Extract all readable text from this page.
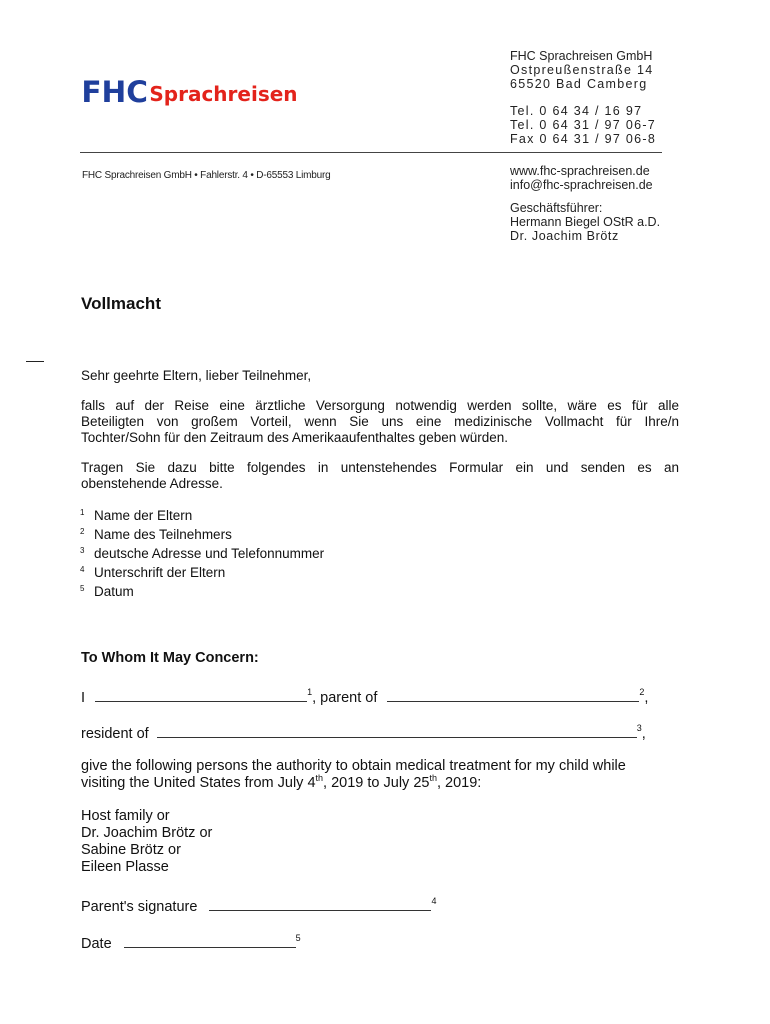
FHC Sprachreisen
FHC Sprachreisen GmbH
Ostpreußenstraße 14
65520 Bad Camberg
Tel. 0 64 34 / 16 97
Tel. 0 64 31 / 97 06-7
Fax 0 64 31 / 97 06-8
FHC Sprachreisen GmbH • Fahlerstr. 4 • D-65553 Limburg	www.fhc-sprachreisen.de
info@fhc-sprachreisen.de
Geschäftsführer:
Hermann Biegel OStR a.D.
Dr. Joachim Brötz
Vollmacht
Sehr geehrte Eltern, lieber Teilnehmer,
falls auf der Reise eine ärztliche Versorgung notwendig werden sollte, wäre es für alle
Beteiligten von großem Vorteil, wenn Sie uns eine medizinische Vollmacht für Ihre/n
Tochter/Sohn für den Zeitraum des Amerikaaufenthaltes geben würden.
Tragen Sie dazu bitte folgendes in untenstehendes Formular ein und senden es an
obenstehende Adresse.
1 Name der Eltern
2 Name des Teilnehmers
3 deutsche Adresse und Telefonnummer
4 Unterschrift der Eltern
5 Datum
To Whom It May Concern:
I	$^1$, parent of	$^2$,
resident of	$^3$,
give the following persons the authority to obtain medical treatment for my child while
visiting the United States from July 4th, 2019 to July 25th, 2019:
Host family or
Dr. Joachim Brötz or
Sabine Brötz or
Eileen Plasse
Parent's signature	$^4$
Date	$^5$
